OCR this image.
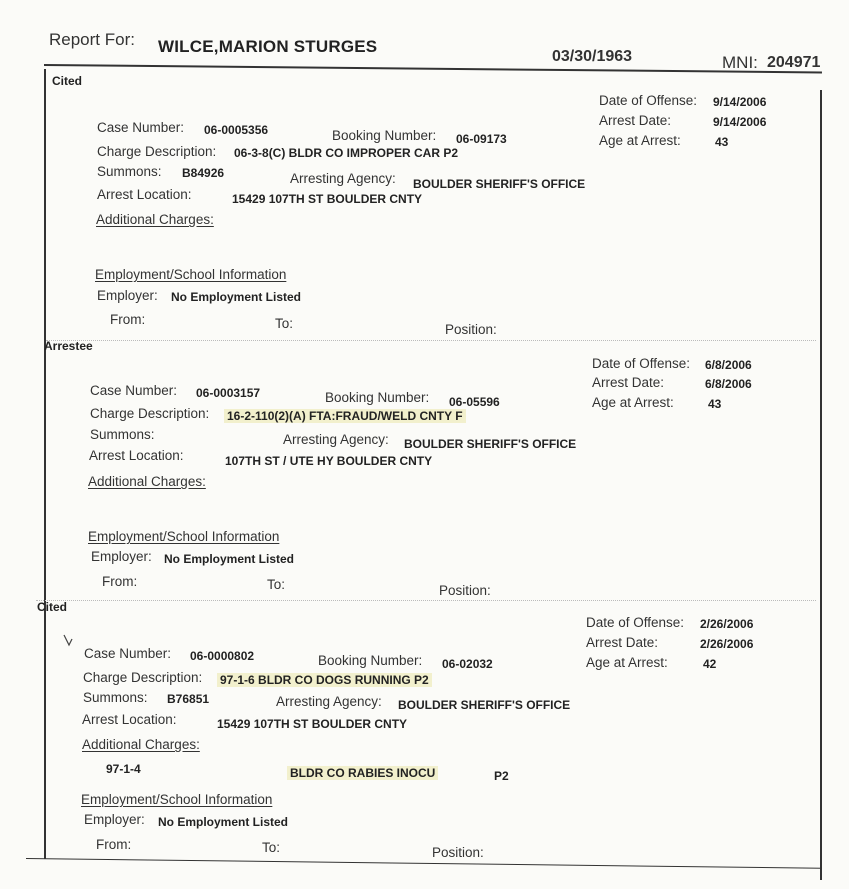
Report For: WILCE,MARION STURGES
03/30/1963	MNI: 204971
Cited
Date of Offense: 9/14/2006
Arrest Date:	9/14/2006
Age at Arrest:	43
Case Number: 06-0005356	Booking Number: 06-09173
Charge Description: 06-3-8(C) BLDR CO IMPROPER CAR P2
Summons: B84926	Arresting Agency: BOULDER SHERIFF'S OFFICE
Arrest Location:	15429 107TH ST BOULDER CNTY
Additional Charges:
Employment/School Information
Employer: No Employment Listed
From:	To:	Position:
Arrestee
Date of Offense: 6/8/2006
Arrest Date:	6/8/2006
Age at Arrest:	43
Case Number: 06-0003157	Booking Number: 06-05596
Charge Description: 16-2-110(2)(A) FTA:FRAUD/WELD CNTY F
Summons:	Arresting Agency: BOULDER SHERIFF'S OFFICE
Arrest Location:	107TH ST / UTE HY BOULDER CNTY
Additional Charges:
Employment/School Information
Employer: No Employment Listed
From:	To:	Position:
Cited
Date of Offense: 2/26/2006
Arrest Date:	2/26/2006
Age at Arrest:	42
Case Number: 06-0000802	Booking Number: 06-02032
Charge Description: 97-1-6 BLDR CO DOGS RUNNING P2
Summons: B76851	Arresting Agency: BOULDER SHERIFF'S OFFICE
Arrest Location:	15429 107TH ST BOULDER CNTY
Additional Charges:
97-1-4	BLDR CO RABIES INOCU	P2
Employment/School Information
Employer: No Employment Listed
From:	To:	Position:
